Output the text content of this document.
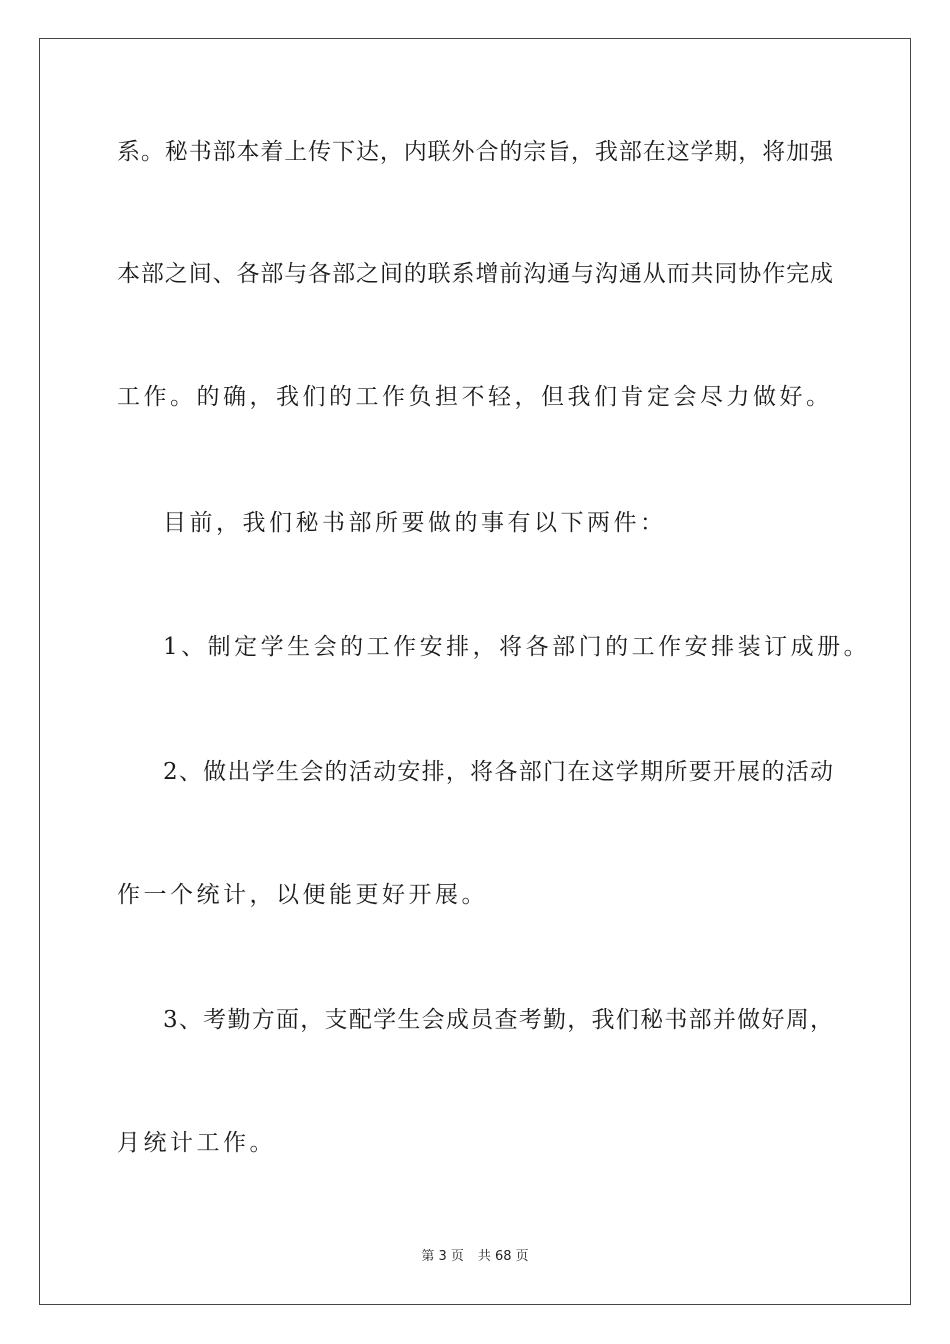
系。秘书部本着上传下达，内联外合的宗旨，我部在这学期，将加强
本部之间、各部与各部之间的联系增前沟通与沟通从而共同协作完成
工作。的确，我们的工作负担不轻，但我们肯定会尽力做好。
目前，我们秘书部所要做的事有以下两件：
1、制定学生会的工作安排，将各部门的工作安排装订成册。
2、做出学生会的活动安排，将各部门在这学期所要开展的活动
作一个统计，以便能更好开展。
3、考勤方面，支配学生会成员查考勤，我们秘书部并做好周，
月统计工作。
第 3 页 共 68 页
